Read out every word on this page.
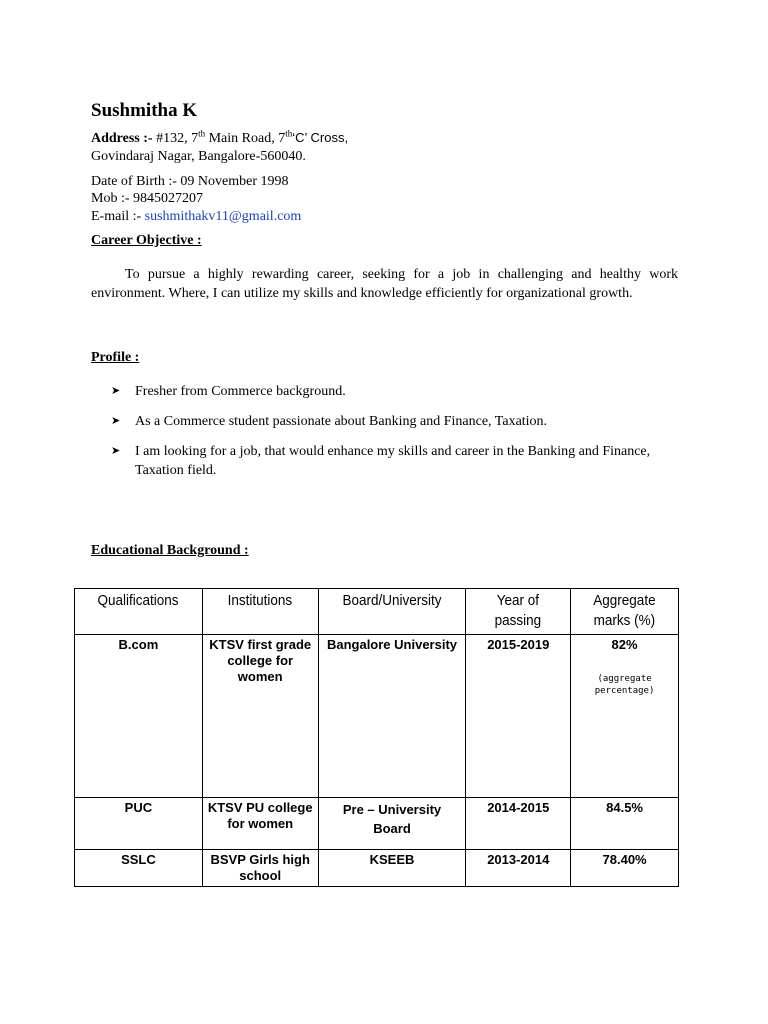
Sushmitha K
Address :- #132, 7th Main Road, 7th‘C’ Cross,
Govindaraj Nagar, Bangalore-560040.
Date of Birth :- 09 November 1998
Mob :- 9845027207
E-mail :- sushmithakv11@gmail.com
Career Objective :
To pursue a highly rewarding career, seeking for a job in challenging and healthy work environment. Where, I can utilize my skills and knowledge efficiently for organizational growth.
Profile :
➤ Fresher from Commerce background.
➤ As a Commerce student passionate about Banking and Finance, Taxation.
➤ I am looking for a job, that would enhance my skills and career in the Banking and Finance, Taxation field.
Educational Background :
Qualifications	Institutions	Board/University	Year of passing	Aggregate marks (%)
B.com	KTSV first grade college for women	Bangalore University	2015-2019	82%
(aggregate percentage)

PUC	KTSV PU college for women	Pre – University Board	2014-2015	84.5%
SSLC	BSVP Girls high school	KSEEB	2013-2014	78.40%
